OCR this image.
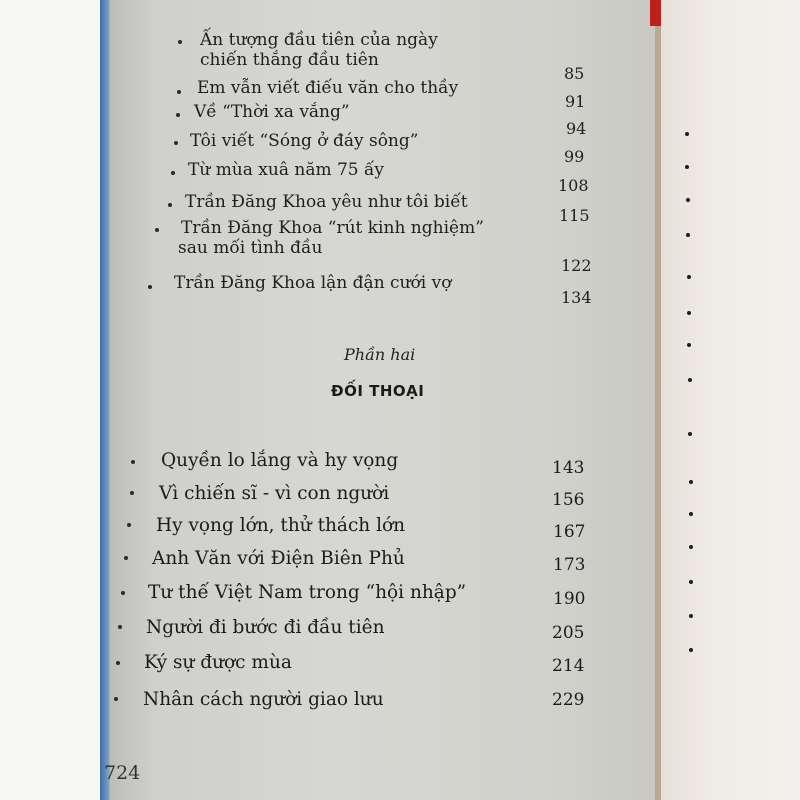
Ấn tượng đầu tiên của ngày
chiến thắng đầu tiên
85
Em vẫn viết điếu văn cho thầy
91
Về “Thời xa vắng”
94
Tôi viết “Sóng ở đáy sông”
99
Từ mùa xuâ năm 75 ấy
108
Trần Đăng Khoa yêu như tôi biết
115
Trần Đăng Khoa “rút kinh nghiệm”
sau mối tình đầu
122
Trần Đăng Khoa lận đận cưới vợ
134
Phần hai
ĐỐI THOẠI
Quyền lo lắng và hy vọng	143
Vì chiến sĩ - vì con người	156
Hy vọng lớn, thử thách lớn	167
Anh Văn với Điện Biên Phủ	173
Tư thế Việt Nam trong “hội nhập”	190
Người đi bước đi đầu tiên	205
Ký sự được mùa	214
Nhân cách người giao lưu	229
724
